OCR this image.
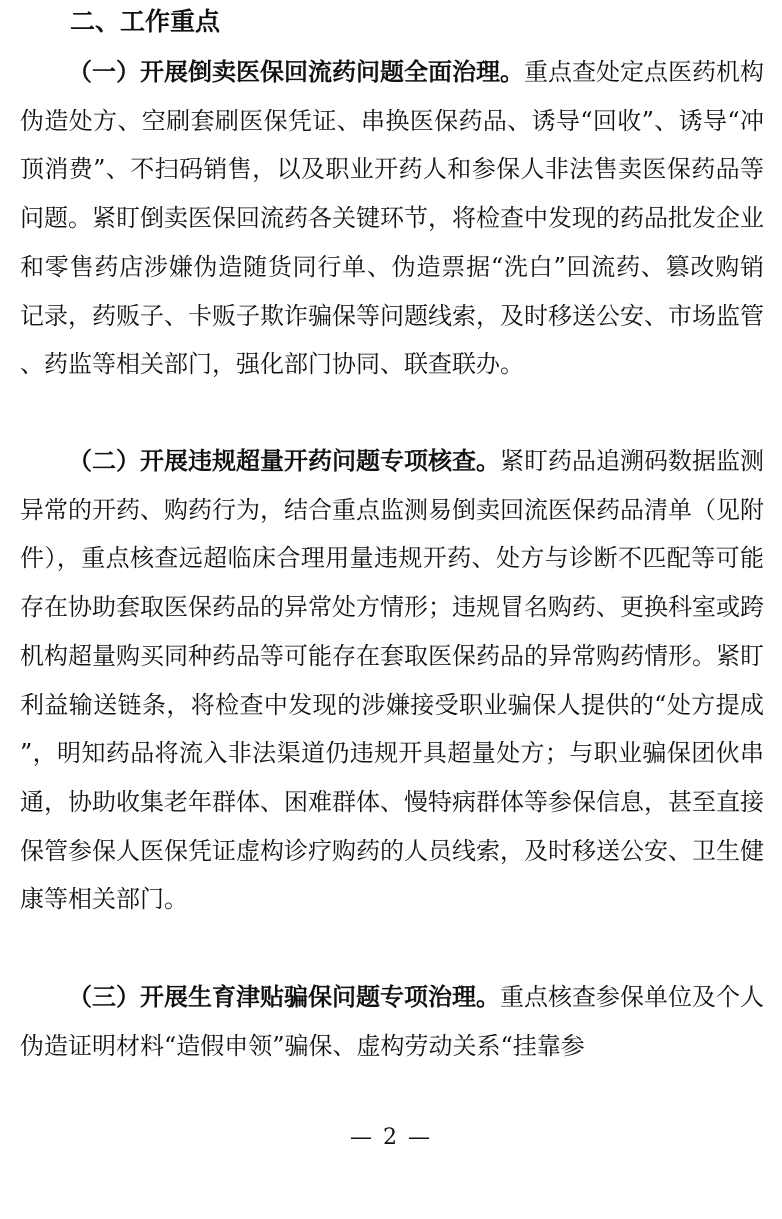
二、工作重点

（一）开展倒卖医保回流药问题全面治理。重点查处定点医药机构伪造处方、空刷套刷医保凭证、串换医保药品、诱导“回收”、诱导“冲顶消费”、不扫码销售，以及职业开药人和参保人非法售卖医保药品等问题。紧盯倒卖医保回流药各关键环节，将检查中发现的药品批发企业和零售药店涉嫌伪造随货同行单、伪造票据“洗白”回流药、篡改购销记录，药贩子、卡贩子欺诈骗保等问题线索，及时移送公安、市场监管、药监等相关部门，强化部门协同、联查联办。

（二）开展违规超量开药问题专项核查。紧盯药品追溯码数据监测异常的开药、购药行为，结合重点监测易倒卖回流医保药品清单（见附件），重点核查远超临床合理用量违规开药、处方与诊断不匹配等可能存在协助套取医保药品的异常处方情形；违规冒名购药、更换科室或跨机构超量购买同种药品等可能存在套取医保药品的异常购药情形。紧盯利益输送链条，将检查中发现的涉嫌接受职业骗保人提供的“处方提成”，明知药品将流入非法渠道仍违规开具超量处方；与职业骗保团伙串通，协助收集老年群体、困难群体、慢特病群体等参保信息，甚至直接保管参保人医保凭证虚构诊疗购药的人员线索，及时移送公安、卫生健康等相关部门。

（三）开展生育津贴骗保问题专项治理。重点核查参保单位及个人伪造证明材料“造假申领”骗保、虚构劳动关系“挂靠参

— 2 —
